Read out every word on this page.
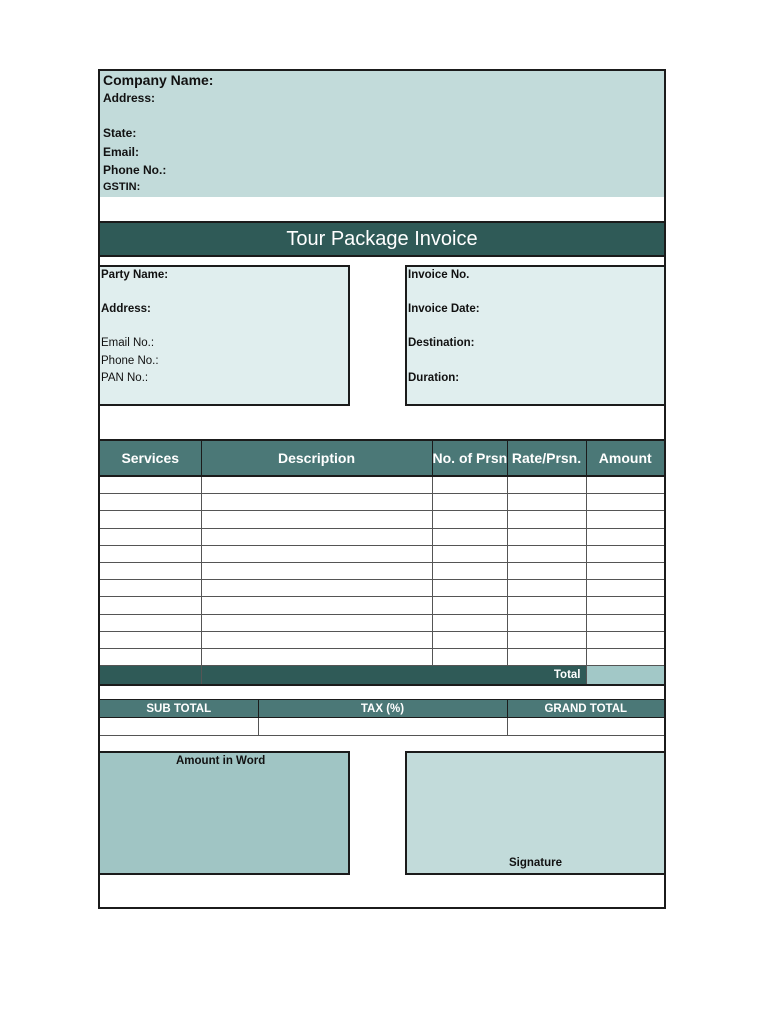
Company Name:
Address:
State:
Email:
Phone No.:
GSTIN:
Tour Package Invoice
Party Name:
Address:
Email No.:
Phone No.:
PAN No.:
Invoice No.
Invoice Date:
Destination:
Duration:
Services	Description	No. of Prsn	Rate/Prsn.	Amount

	Total			
SUB TOTAL	TAX (%)	GRAND TOTAL

Amount in Word
Signature
